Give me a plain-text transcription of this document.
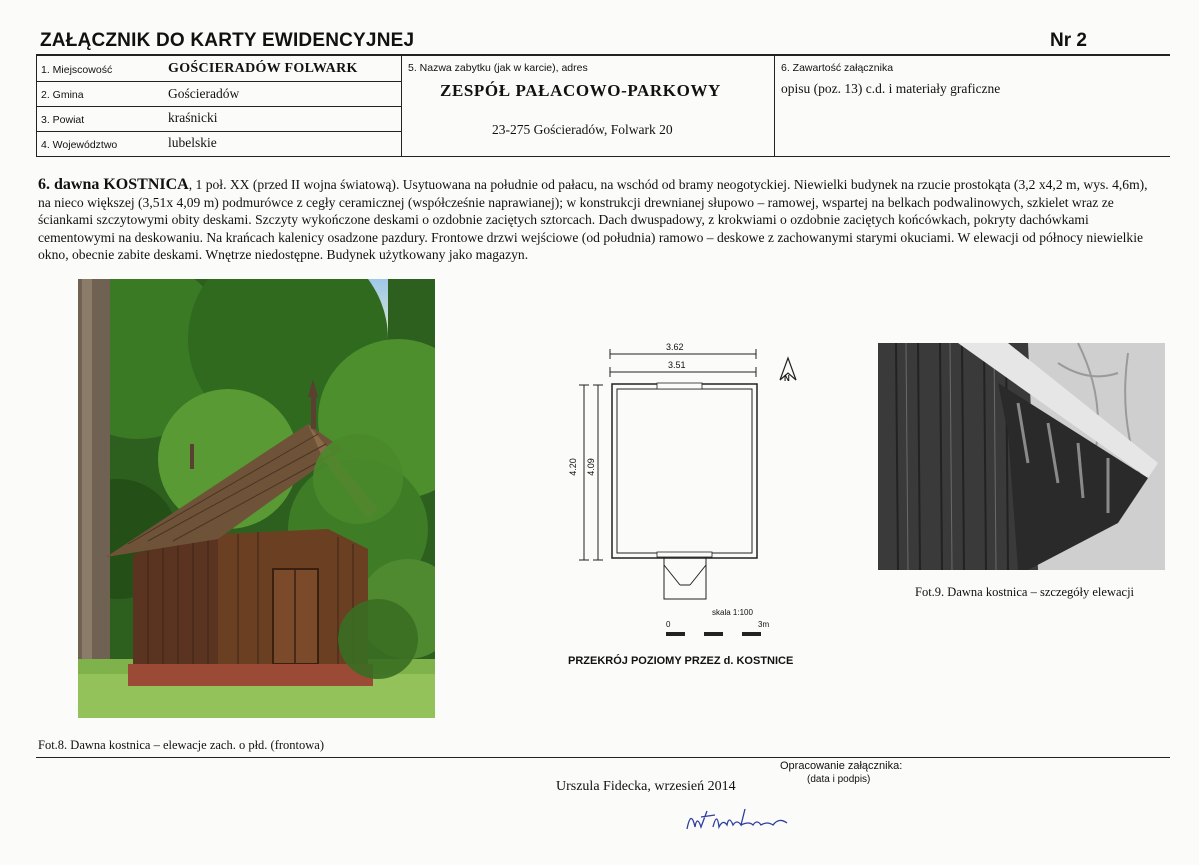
ZAŁĄCZNIK DO KARTY EWIDENCYJNEJ	Nr 2
1. Miejscowość	GOŚCIERADÓW FOLWARK
2. Gmina	Gościeradów
3. Powiat	kraśnicki
4. Województwo	lubelskie
5. Nazwa zabytku (jak w karcie), adres
ZESPÓŁ PAŁACOWO-PARKOWY
23-275 Gościeradów, Folwark 20
6. Zawartość załącznika
opisu (poz. 13) c.d. i materiały graficzne
6. dawna KOSTNICA, 1 poł. XX (przed II wojna światową). Usytuowana na południe od pałacu, na wschód od bramy neogotyckiej. Niewielki budynek na rzucie prostokąta (3,2 x4,2 m, wys. 4,6m), na nieco większej (3,51x 4,09 m) podmurówce z cegły ceramicznej (współcześnie naprawianej); w konstrukcji drewnianej słupowo – ramowej, wspartej na belkach podwalinowych, szkielet wraz ze ściankami szczytowymi obity deskami. Szczyty wykończone deskami o ozdobnie zaciętych sztorcach. Dach dwuspadowy, z krokwiami o ozdobnie zaciętych końcówkach, pokryty dachówkami cementowymi na deskowaniu. Na krańcach kalenicy osadzone pazdury. Frontowe drzwi wejściowe (od południa) ramowo – deskowe z zachowanymi starymi okuciami. W elewacji od północy niewielkie okno, obecnie zabite deskami. Wnętrze niedostępne. Budynek użytkowany jako magazyn.
Fot.8. Dawna kostnica – elewacje zach. o płd. (frontowa)
3.62
3.51
4.20 4.09
N
skala 1:100
0	3m
PRZEKRÓJ POZIOMY PRZEZ d. KOSTNICE
Fot.9. Dawna kostnica – szczegóły elewacji
Opracowanie załącznika:
(data i podpis)
Urszula Fidecka, wrzesień 2014
